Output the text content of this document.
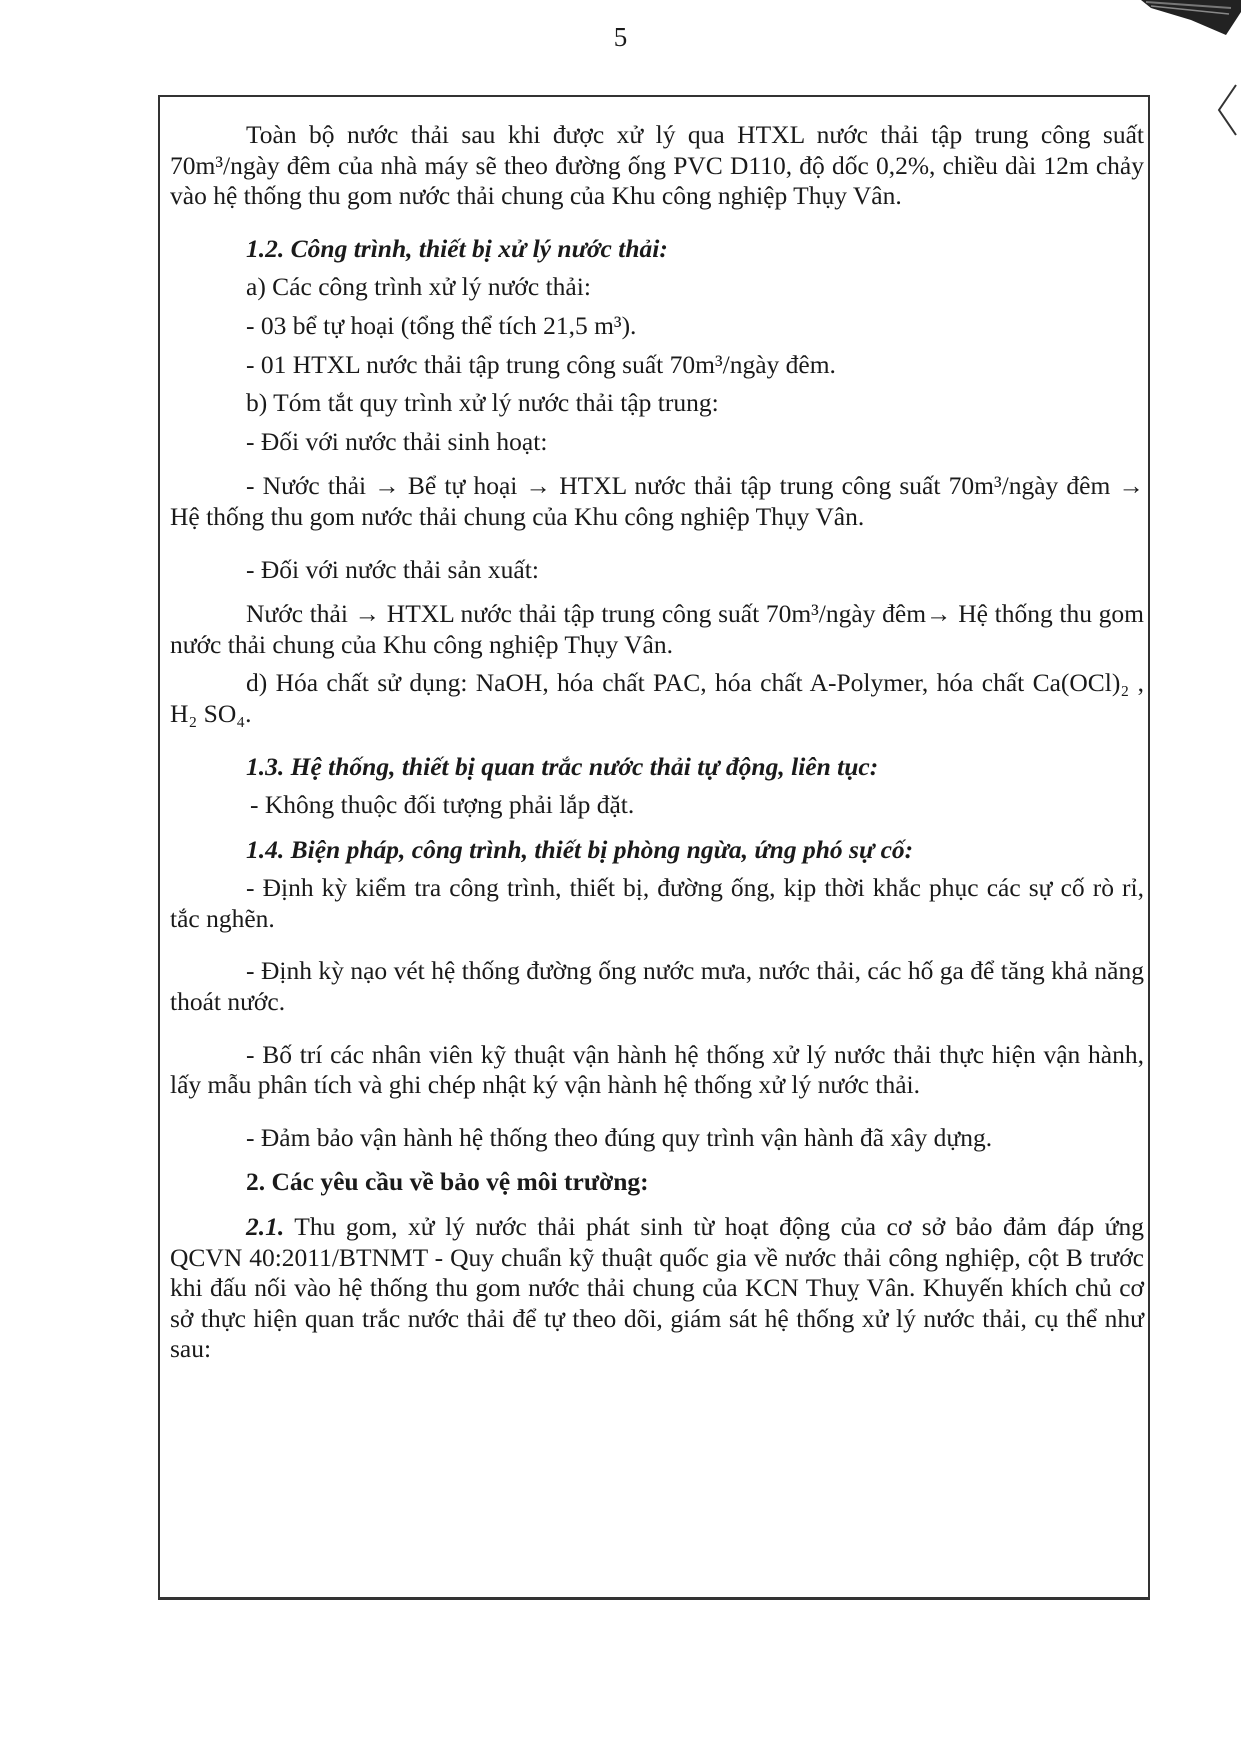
5

Toàn bộ nước thải sau khi được xử lý qua HTXL nước thải tập trung công suất 70m³/ngày đêm của nhà máy sẽ theo đường ống PVC D110, độ dốc 0,2%, chiều dài 12m chảy vào hệ thống thu gom nước thải chung của Khu công nghiệp Thụy Vân.

1.2. Công trình, thiết bị xử lý nước thải:

a) Các công trình xử lý nước thải:

- 03 bể tự hoại (tổng thể tích 21,5 m³).

- 01 HTXL nước thải tập trung công suất 70m³/ngày đêm.

b) Tóm tắt quy trình xử lý nước thải tập trung:

- Đối với nước thải sinh hoạt:

- Nước thải → Bể tự hoại → HTXL nước thải tập trung công suất 70m³/ngày đêm → Hệ thống thu gom nước thải chung của Khu công nghiệp Thụy Vân.

- Đối với nước thải sản xuất:

Nước thải → HTXL nước thải tập trung công suất 70m³/ngày đêm→ Hệ thống thu gom nước thải chung của Khu công nghiệp Thụy Vân.

d) Hóa chất sử dụng: NaOH, hóa chất PAC, hóa chất A-Polymer, hóa chất Ca(OCl)₂ , H₂ SO₄.

1.3. Hệ thống, thiết bị quan trắc nước thải tự động, liên tục:

- Không thuộc đối tượng phải lắp đặt.

1.4. Biện pháp, công trình, thiết bị phòng ngừa, ứng phó sự cố:

- Định kỳ kiểm tra công trình, thiết bị, đường ống, kịp thời khắc phục các sự cố rò rỉ, tắc nghẽn.

- Định kỳ nạo vét hệ thống đường ống nước mưa, nước thải, các hố ga để tăng khả năng thoát nước.

- Bố trí các nhân viên kỹ thuật vận hành hệ thống xử lý nước thải thực hiện vận hành, lấy mẫu phân tích và ghi chép nhật ký vận hành hệ thống xử lý nước thải.

- Đảm bảo vận hành hệ thống theo đúng quy trình vận hành đã xây dựng.

2. Các yêu cầu về bảo vệ môi trường:

2.1. Thu gom, xử lý nước thải phát sinh từ hoạt động của cơ sở bảo đảm đáp ứng QCVN 40:2011/BTNMT - Quy chuẩn kỹ thuật quốc gia về nước thải công nghiệp, cột B trước khi đấu nối vào hệ thống thu gom nước thải chung của KCN Thuỵ Vân. Khuyến khích chủ cơ sở thực hiện quan trắc nước thải để tự theo dõi, giám sát hệ thống xử lý nước thải, cụ thể như sau:
